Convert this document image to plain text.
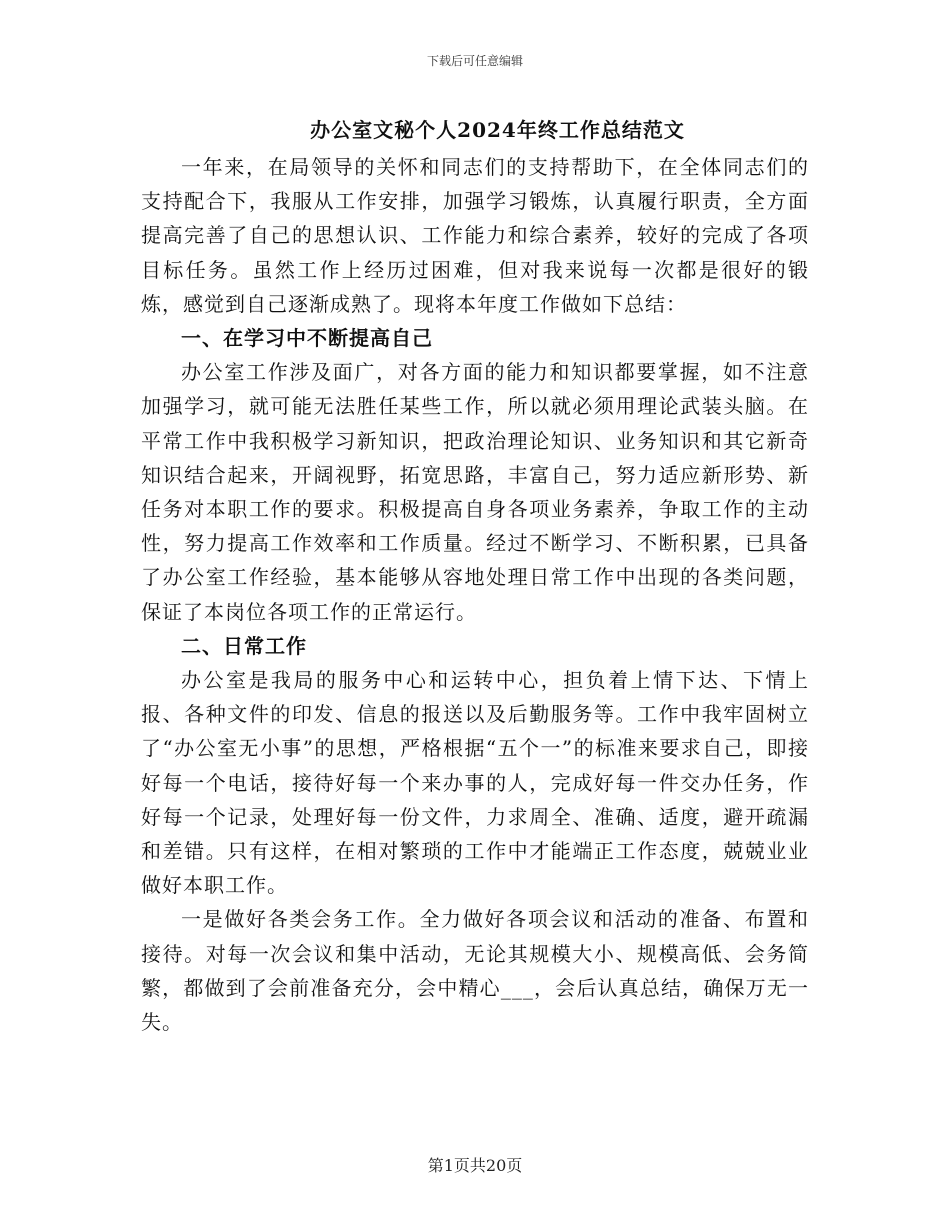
下载后可任意编辑
办公室文秘个人2024年终工作总结范文

一年来，在局领导的关怀和同志们的支持帮助下，在全体同志们的支持配合下，我服从工作安排，加强学习锻炼，认真履行职责，全方面提高完善了自己的思想认识、工作能力和综合素养，较好的完成了各项目标任务。虽然工作上经历过困难，但对我来说每一次都是很好的锻炼，感觉到自己逐渐成熟了。现将本年度工作做如下总结：

一、在学习中不断提高自己

办公室工作涉及面广，对各方面的能力和知识都要掌握，如不注意加强学习，就可能无法胜任某些工作，所以就必须用理论武装头脑。在平常工作中我积极学习新知识，把政治理论知识、业务知识和其它新奇知识结合起来，开阔视野，拓宽思路，丰富自己，努力适应新形势、新任务对本职工作的要求。积极提高自身各项业务素养，争取工作的主动性，努力提高工作效率和工作质量。经过不断学习、不断积累，已具备了办公室工作经验，基本能够从容地处理日常工作中出现的各类问题，保证了本岗位各项工作的正常运行。

二、日常工作

办公室是我局的服务中心和运转中心，担负着上情下达、下情上报、各种文件的印发、信息的报送以及后勤服务等。工作中我牢固树立了“办公室无小事”的思想，严格根据“五个一”的标准来要求自己，即接好每一个电话，接待好每一个来办事的人，完成好每一件交办任务，作好每一个记录，处理好每一份文件，力求周全、准确、适度，避开疏漏和差错。只有这样，在相对繁琐的工作中才能端正工作态度，兢兢业业做好本职工作。

一是做好各类会务工作。全力做好各项会议和活动的准备、布置和接待。对每一次会议和集中活动，无论其规模大小、规模高低、会务简繁，都做到了会前准备充分，会中精心___，会后认真总结，确保万无一失。

第1页共20页
